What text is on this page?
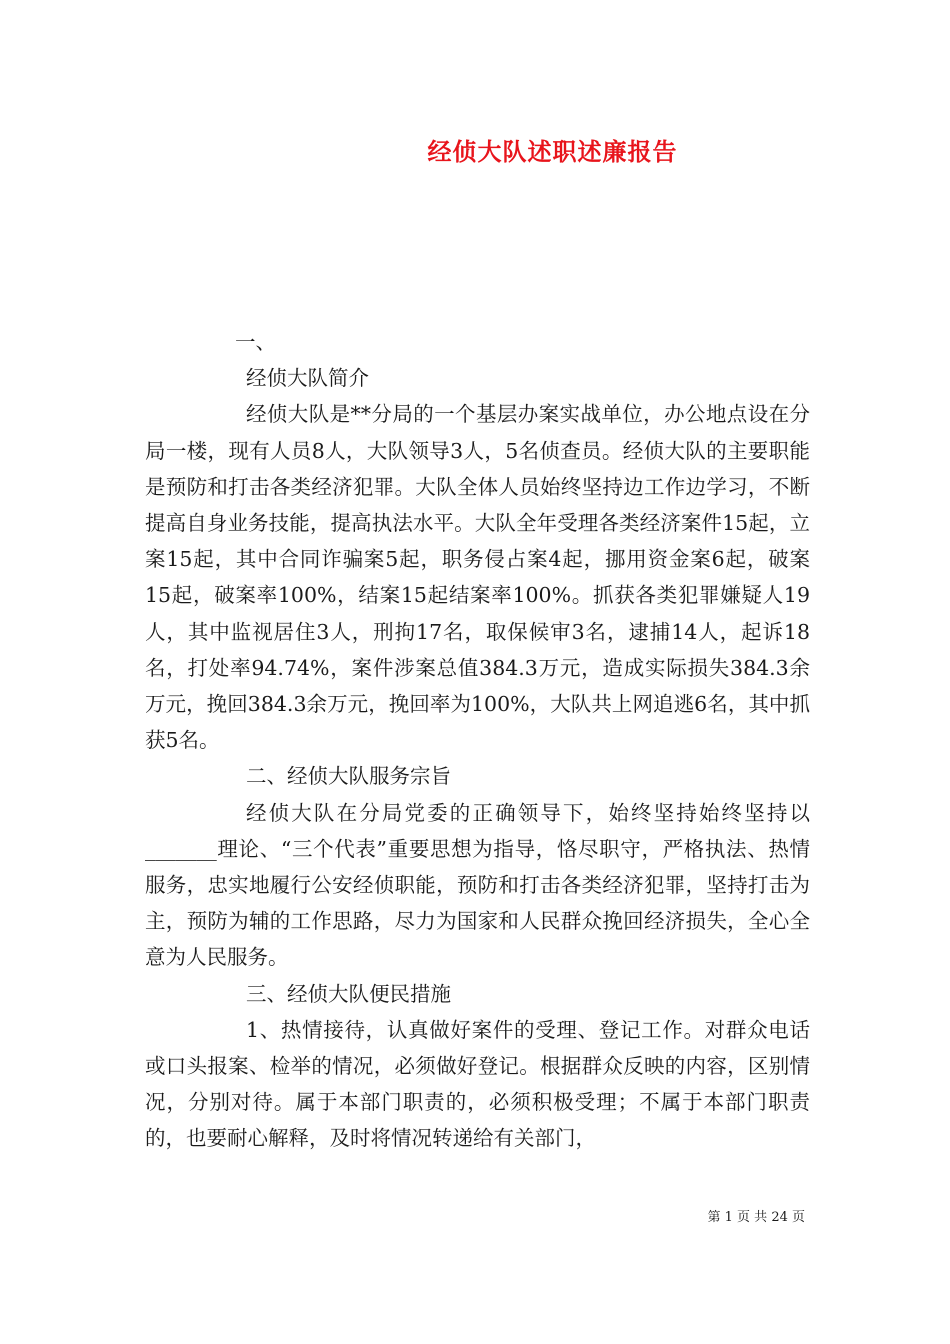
经侦大队述职述廉报告

一、

经侦大队简介

经侦大队是**分局的一个基层办案实战单位，办公地点设在分局一楼，现有人员8人，大队领导3人，5名侦查员。经侦大队的主要职能是预防和打击各类经济犯罪。大队全体人员始终坚持边工作边学习，不断提高自身业务技能，提高执法水平。大队全年受理各类经济案件15起，立案15起，其中合同诈骗案5起，职务侵占案4起，挪用资金案6起，破案15起，破案率100%，结案15起结案率100%。抓获各类犯罪嫌疑人19人，其中监视居住3人，刑拘17名，取保候审3名，逮捕14人，起诉18名，打处率94.74%，案件涉案总值384.3万元，造成实际损失384.3余万元，挽回384.3余万元，挽回率为100%，大队共上网追逃6名，其中抓获5名。

二、经侦大队服务宗旨

经侦大队在分局党委的正确领导下，始终坚持始终坚持以_______理论、“三个代表”重要思想为指导，恪尽职守，严格执法、热情服务，忠实地履行公安经侦职能，预防和打击各类经济犯罪，坚持打击为主，预防为辅的工作思路，尽力为国家和人民群众挽回经济损失，全心全意为人民服务。

三、经侦大队便民措施

1、热情接待，认真做好案件的受理、登记工作。对群众电话或口头报案、检举的情况，必须做好登记。根据群众反映的内容，区别情况，分别对待。属于本部门职责的，必须积极受理；不属于本部门职责的，也要耐心解释，及时将情况转递给有关部门，

第 1 页 共 24 页
